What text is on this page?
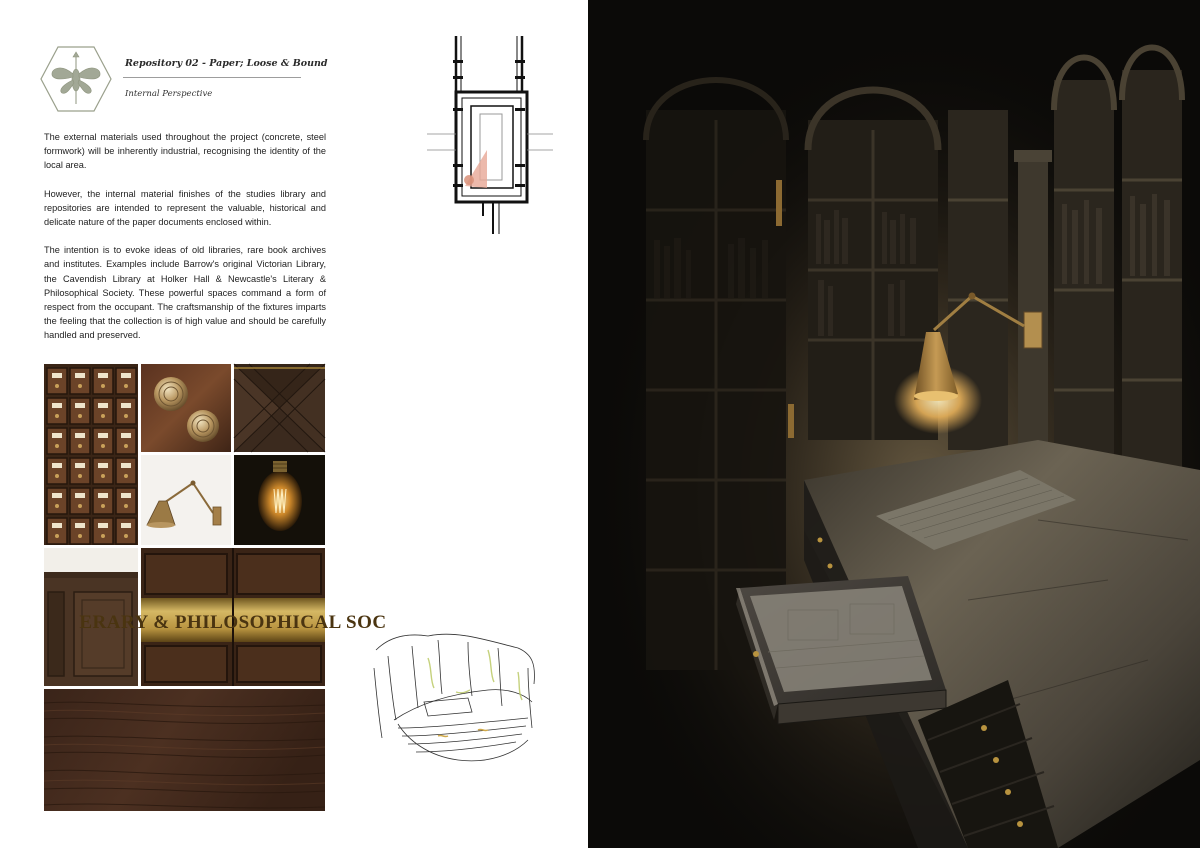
Repository 02 - Paper; Loose & Bound
Internal Perspective

The external materials used throughout the project (concrete, steel formwork) will be inherently industrial, recognising the identity of the local area.

However, the internal material finishes of the studies library and repositories are intended to represent the valuable, historical and delicate nature of the paper documents enclosed within.

The intention is to evoke ideas of old libraries, rare book archives and institutes. Examples include Barrow's original Victorian Library, the Cavendish Library at Holker Hall & Newcastle's Literary & Philosophical Society. These powerful spaces command a form of respect from the occupant. The craftsmanship of the fixtures imparts the feeling that the collection is of high value and should be carefully handled and preserved.

ERARY & PHILOSOPHICAL SOC
